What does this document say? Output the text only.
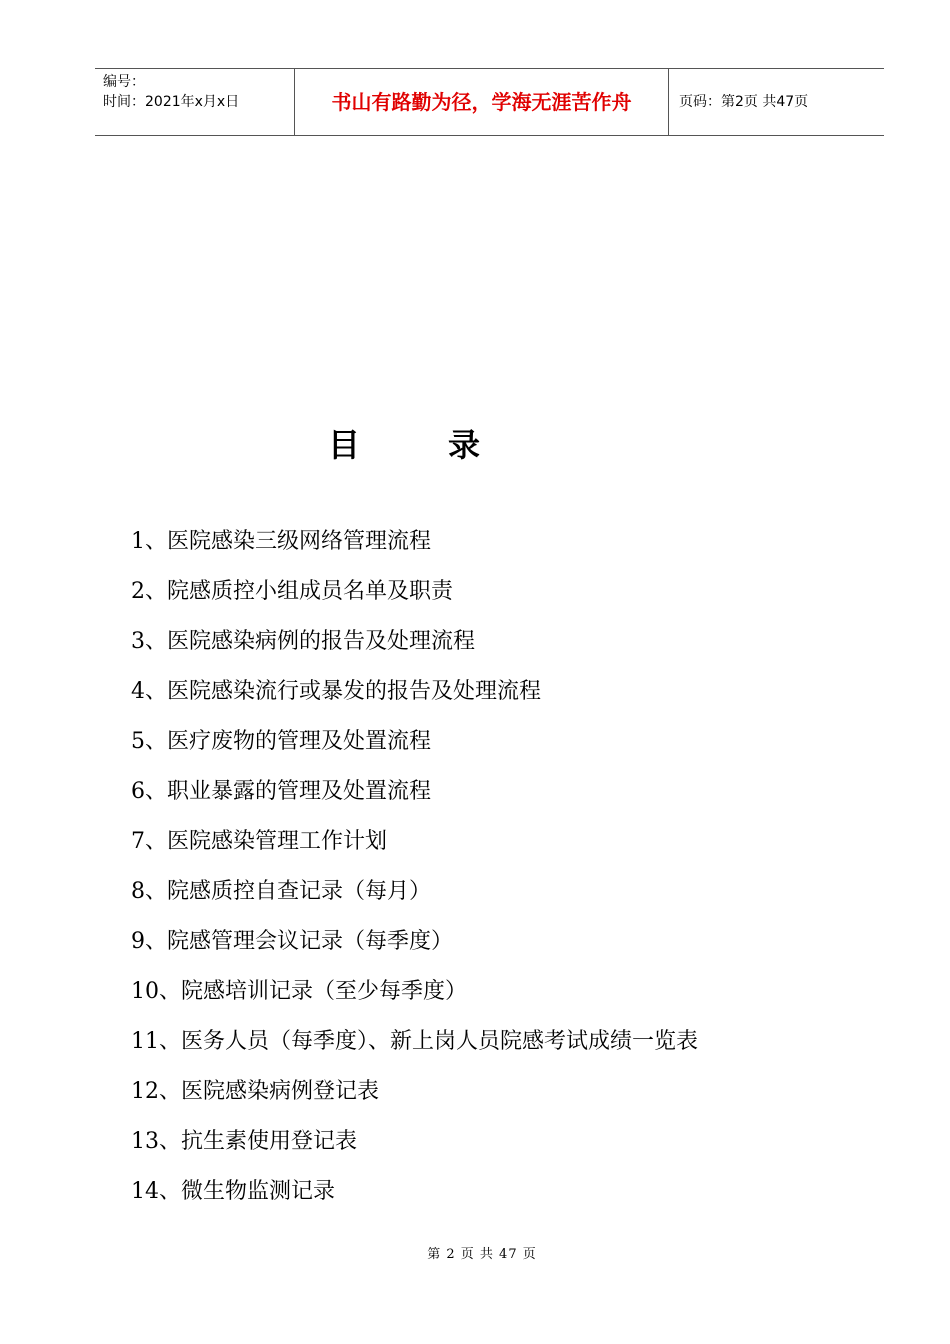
编号：
时间：2021年x月x日	书山有路勤为径，学海无涯苦作舟	页码：第2页 共47页
目	录
1、医院感染三级网络管理流程
2、院感质控小组成员名单及职责
3、医院感染病例的报告及处理流程
4、医院感染流行或暴发的报告及处理流程
5、医疗废物的管理及处置流程
6、职业暴露的管理及处置流程
7、医院感染管理工作计划
8、院感质控自查记录（每月）
9、院感管理会议记录（每季度）
10、院感培训记录（至少每季度）
11、医务人员（每季度）、新上岗人员院感考试成绩一览表
12、医院感染病例登记表
13、抗生素使用登记表
14、微生物监测记录
第 2 页 共 47 页
